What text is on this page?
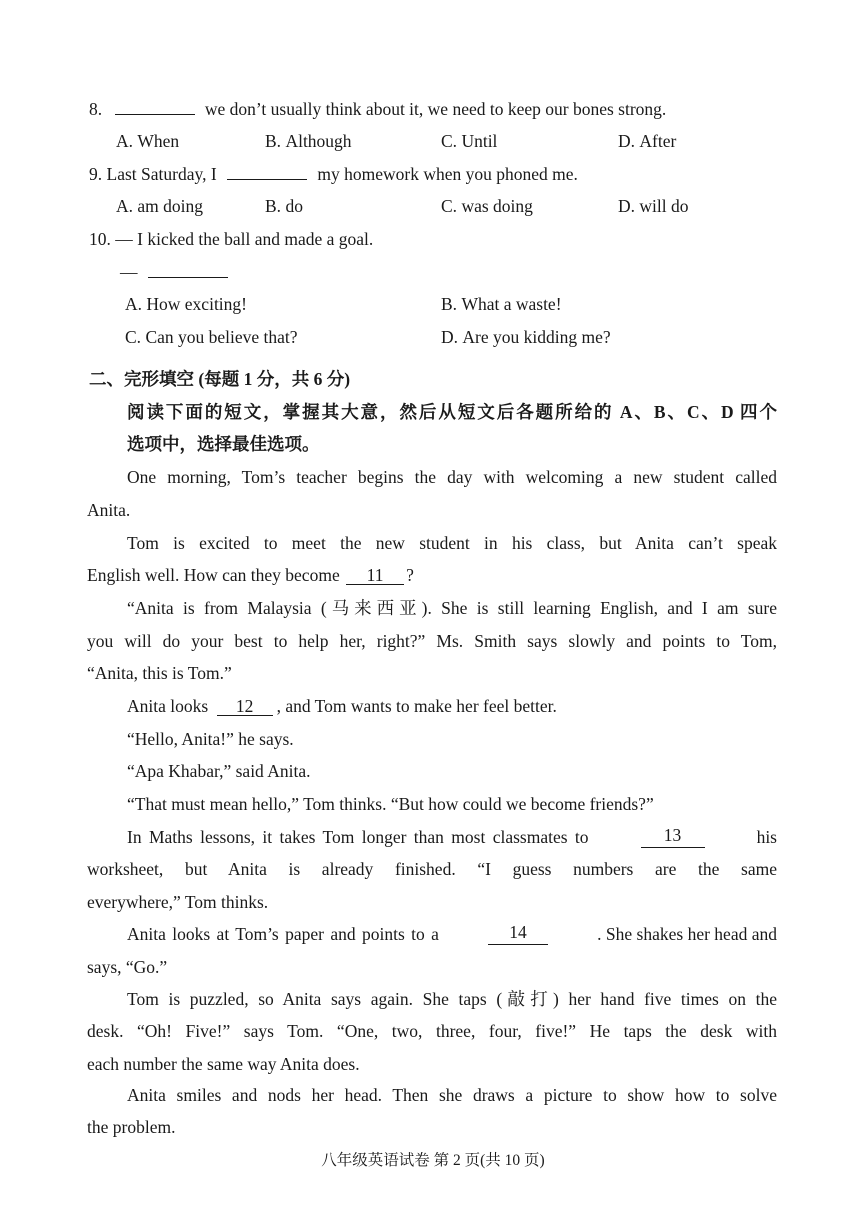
8.	we don’t usually think about it, we need to keep our bones strong.
A. When	B. Although	C. Until	D. After
9. Last Saturday, I	my homework when you phoned me.
A. am doing	B. do	C. was doing	D. will do
10. — I kicked the ball and made a goal.
—
A. How exciting!	B. What a waste!
C. Can you believe that?	D. Are you kidding me?
二、完形填空 (每题 1 分，共 6 分)
阅读下面的短文，掌握其大意，然后从短文后各题所给的 A、B、C、D 四个
选项中，选择最佳选项。
One morning, Tom’s teacher begins the day with welcoming a new student called
Anita.
Tom is excited to meet the new student in his class, but Anita can’t speak
English well. How can they become 11 ?
“Anita is from Malaysia (马来西亚). She is still learning English, and I am sure
you will do your best to help her, right?” Ms. Smith says slowly and points to Tom,
“Anita, this is Tom.”
Anita looks 12 , and Tom wants to make her feel better.
“Hello, Anita!” he says.
“Apa Khabar,” said Anita.
“That must mean hello,” Tom thinks. “But how could we become friends?”
In Maths lessons, it takes Tom longer than most classmates to	13	his
worksheet, but Anita is already finished. “I guess numbers are the same
everywhere,” Tom thinks.
Anita looks at Tom’s paper and points to a	14	. She shakes her head and
says, “Go.”
Tom is puzzled, so Anita says again. She taps (敲打) her hand five times on the
desk. “Oh! Five!” says Tom. “One, two, three, four, five!” He taps the desk with
each number the same way Anita does.
Anita smiles and nods her head. Then she draws a picture to show how to solve
the problem.
八年级英语试卷 第 2 页(共 10 页)
